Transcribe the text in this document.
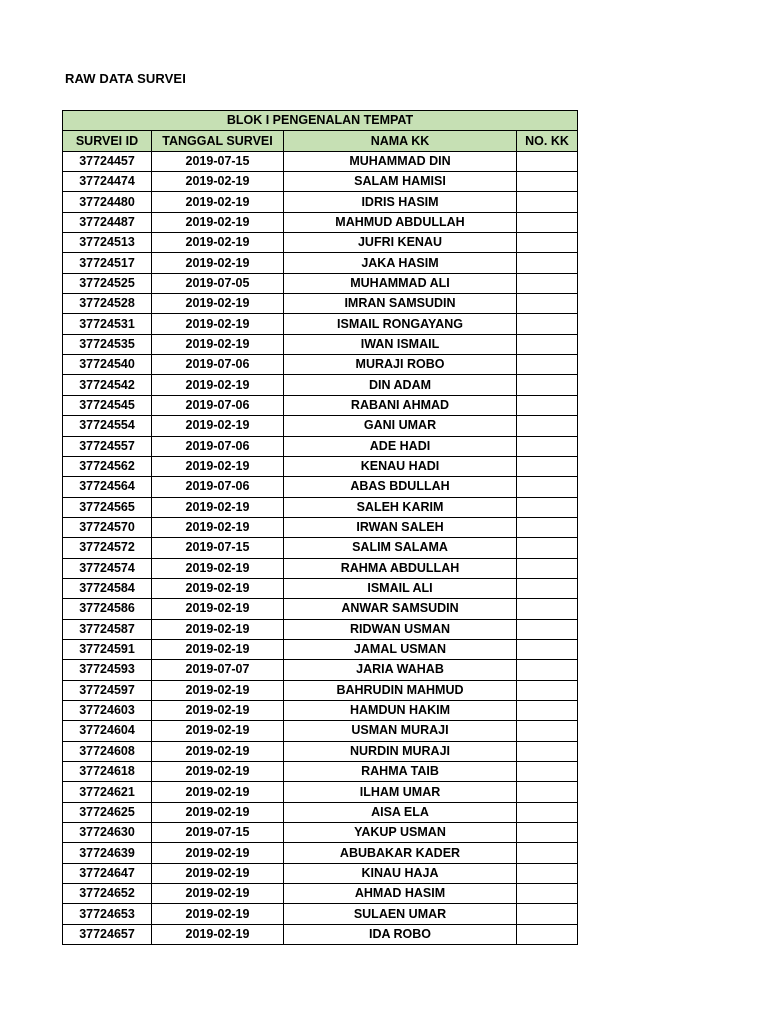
RAW DATA SURVEI
BLOK I PENGENALAN TEMPAT			
SURVEI ID	TANGGAL SURVEI	NAMA KK	NO. KK
37724457	2019-07-15	MUHAMMAD DIN	
37724474	2019-02-19	SALAM HAMISI	
37724480	2019-02-19	IDRIS HASIM	
37724487	2019-02-19	MAHMUD ABDULLAH	
37724513	2019-02-19	JUFRI KENAU	
37724517	2019-02-19	JAKA HASIM	
37724525	2019-07-05	MUHAMMAD ALI	
37724528	2019-02-19	IMRAN SAMSUDIN	
37724531	2019-02-19	ISMAIL RONGAYANG	
37724535	2019-02-19	IWAN ISMAIL	
37724540	2019-07-06	MURAJI ROBO	
37724542	2019-02-19	DIN ADAM	
37724545	2019-07-06	RABANI AHMAD	
37724554	2019-02-19	GANI UMAR	
37724557	2019-07-06	ADE HADI	
37724562	2019-02-19	KENAU HADI	
37724564	2019-07-06	ABAS BDULLAH	
37724565	2019-02-19	SALEH KARIM	
37724570	2019-02-19	IRWAN SALEH	
37724572	2019-07-15	SALIM SALAMA	
37724574	2019-02-19	RAHMA ABDULLAH	
37724584	2019-02-19	ISMAIL ALI	
37724586	2019-02-19	ANWAR SAMSUDIN	
37724587	2019-02-19	RIDWAN USMAN	
37724591	2019-02-19	JAMAL USMAN	
37724593	2019-07-07	JARIA WAHAB	
37724597	2019-02-19	BAHRUDIN MAHMUD	
37724603	2019-02-19	HAMDUN HAKIM	
37724604	2019-02-19	USMAN MURAJI	
37724608	2019-02-19	NURDIN MURAJI	
37724618	2019-02-19	RAHMA TAIB	
37724621	2019-02-19	ILHAM UMAR	
37724625	2019-02-19	AISA ELA	
37724630	2019-07-15	YAKUP USMAN	
37724639	2019-02-19	ABUBAKAR KADER	
37724647	2019-02-19	KINAU HAJA	
37724652	2019-02-19	AHMAD HASIM	
37724653	2019-02-19	SULAEN UMAR	
37724657	2019-02-19	IDA ROBO	
